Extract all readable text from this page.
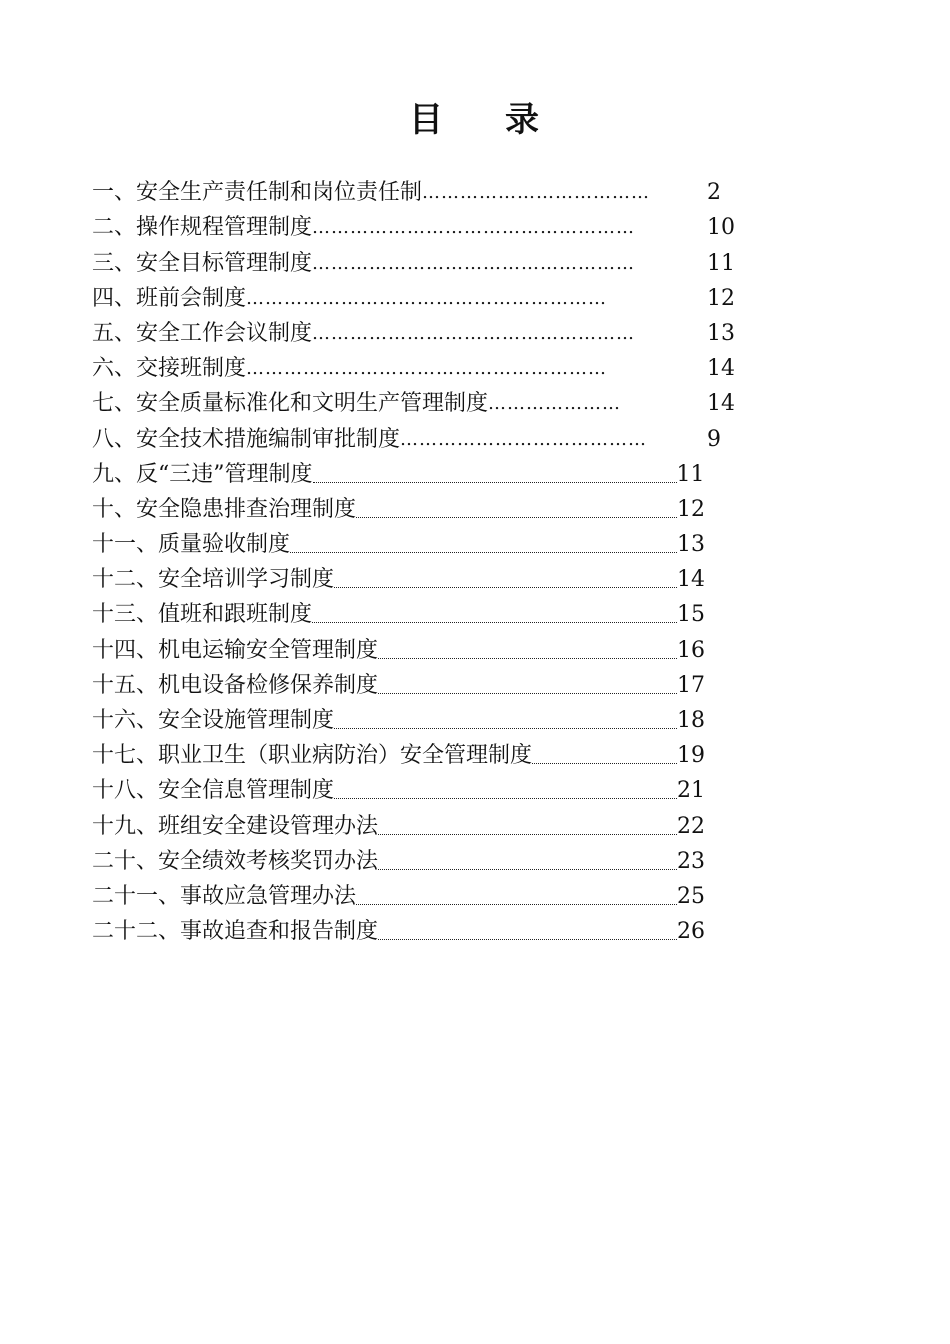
目 录
一、安全生产责任制和岗位责任制 ………………………………	2
二、操作规程管理制度 ……………………………………………	10
三、安全目标管理制度 ……………………………………………	11
四、班前会制度 …………………………………………………	12
五、安全工作会议制度 ……………………………………………	13
六、交接班制度 …………………………………………………	14
七、安全质量标准化和文明生产管理制度 …………………	14
八、安全技术措施编制审批制度 …………………………………	9
九、反“三违”管理制度	11
十、安全隐患排查治理制度	12
十一、质量验收制度	13
十二、安全培训学习制度	14
十三、值班和跟班制度	15
十四、机电运输安全管理制度	16
十五、机电设备检修保养制度	17
十六、安全设施管理制度	18
十七、职业卫生（职业病防治）安全管理制度	19
十八、安全信息管理制度	21
十九、班组安全建设管理办法	22
二十、安全绩效考核奖罚办法	23
二十一、事故应急管理办法	25
二十二、事故追查和报告制度	26
